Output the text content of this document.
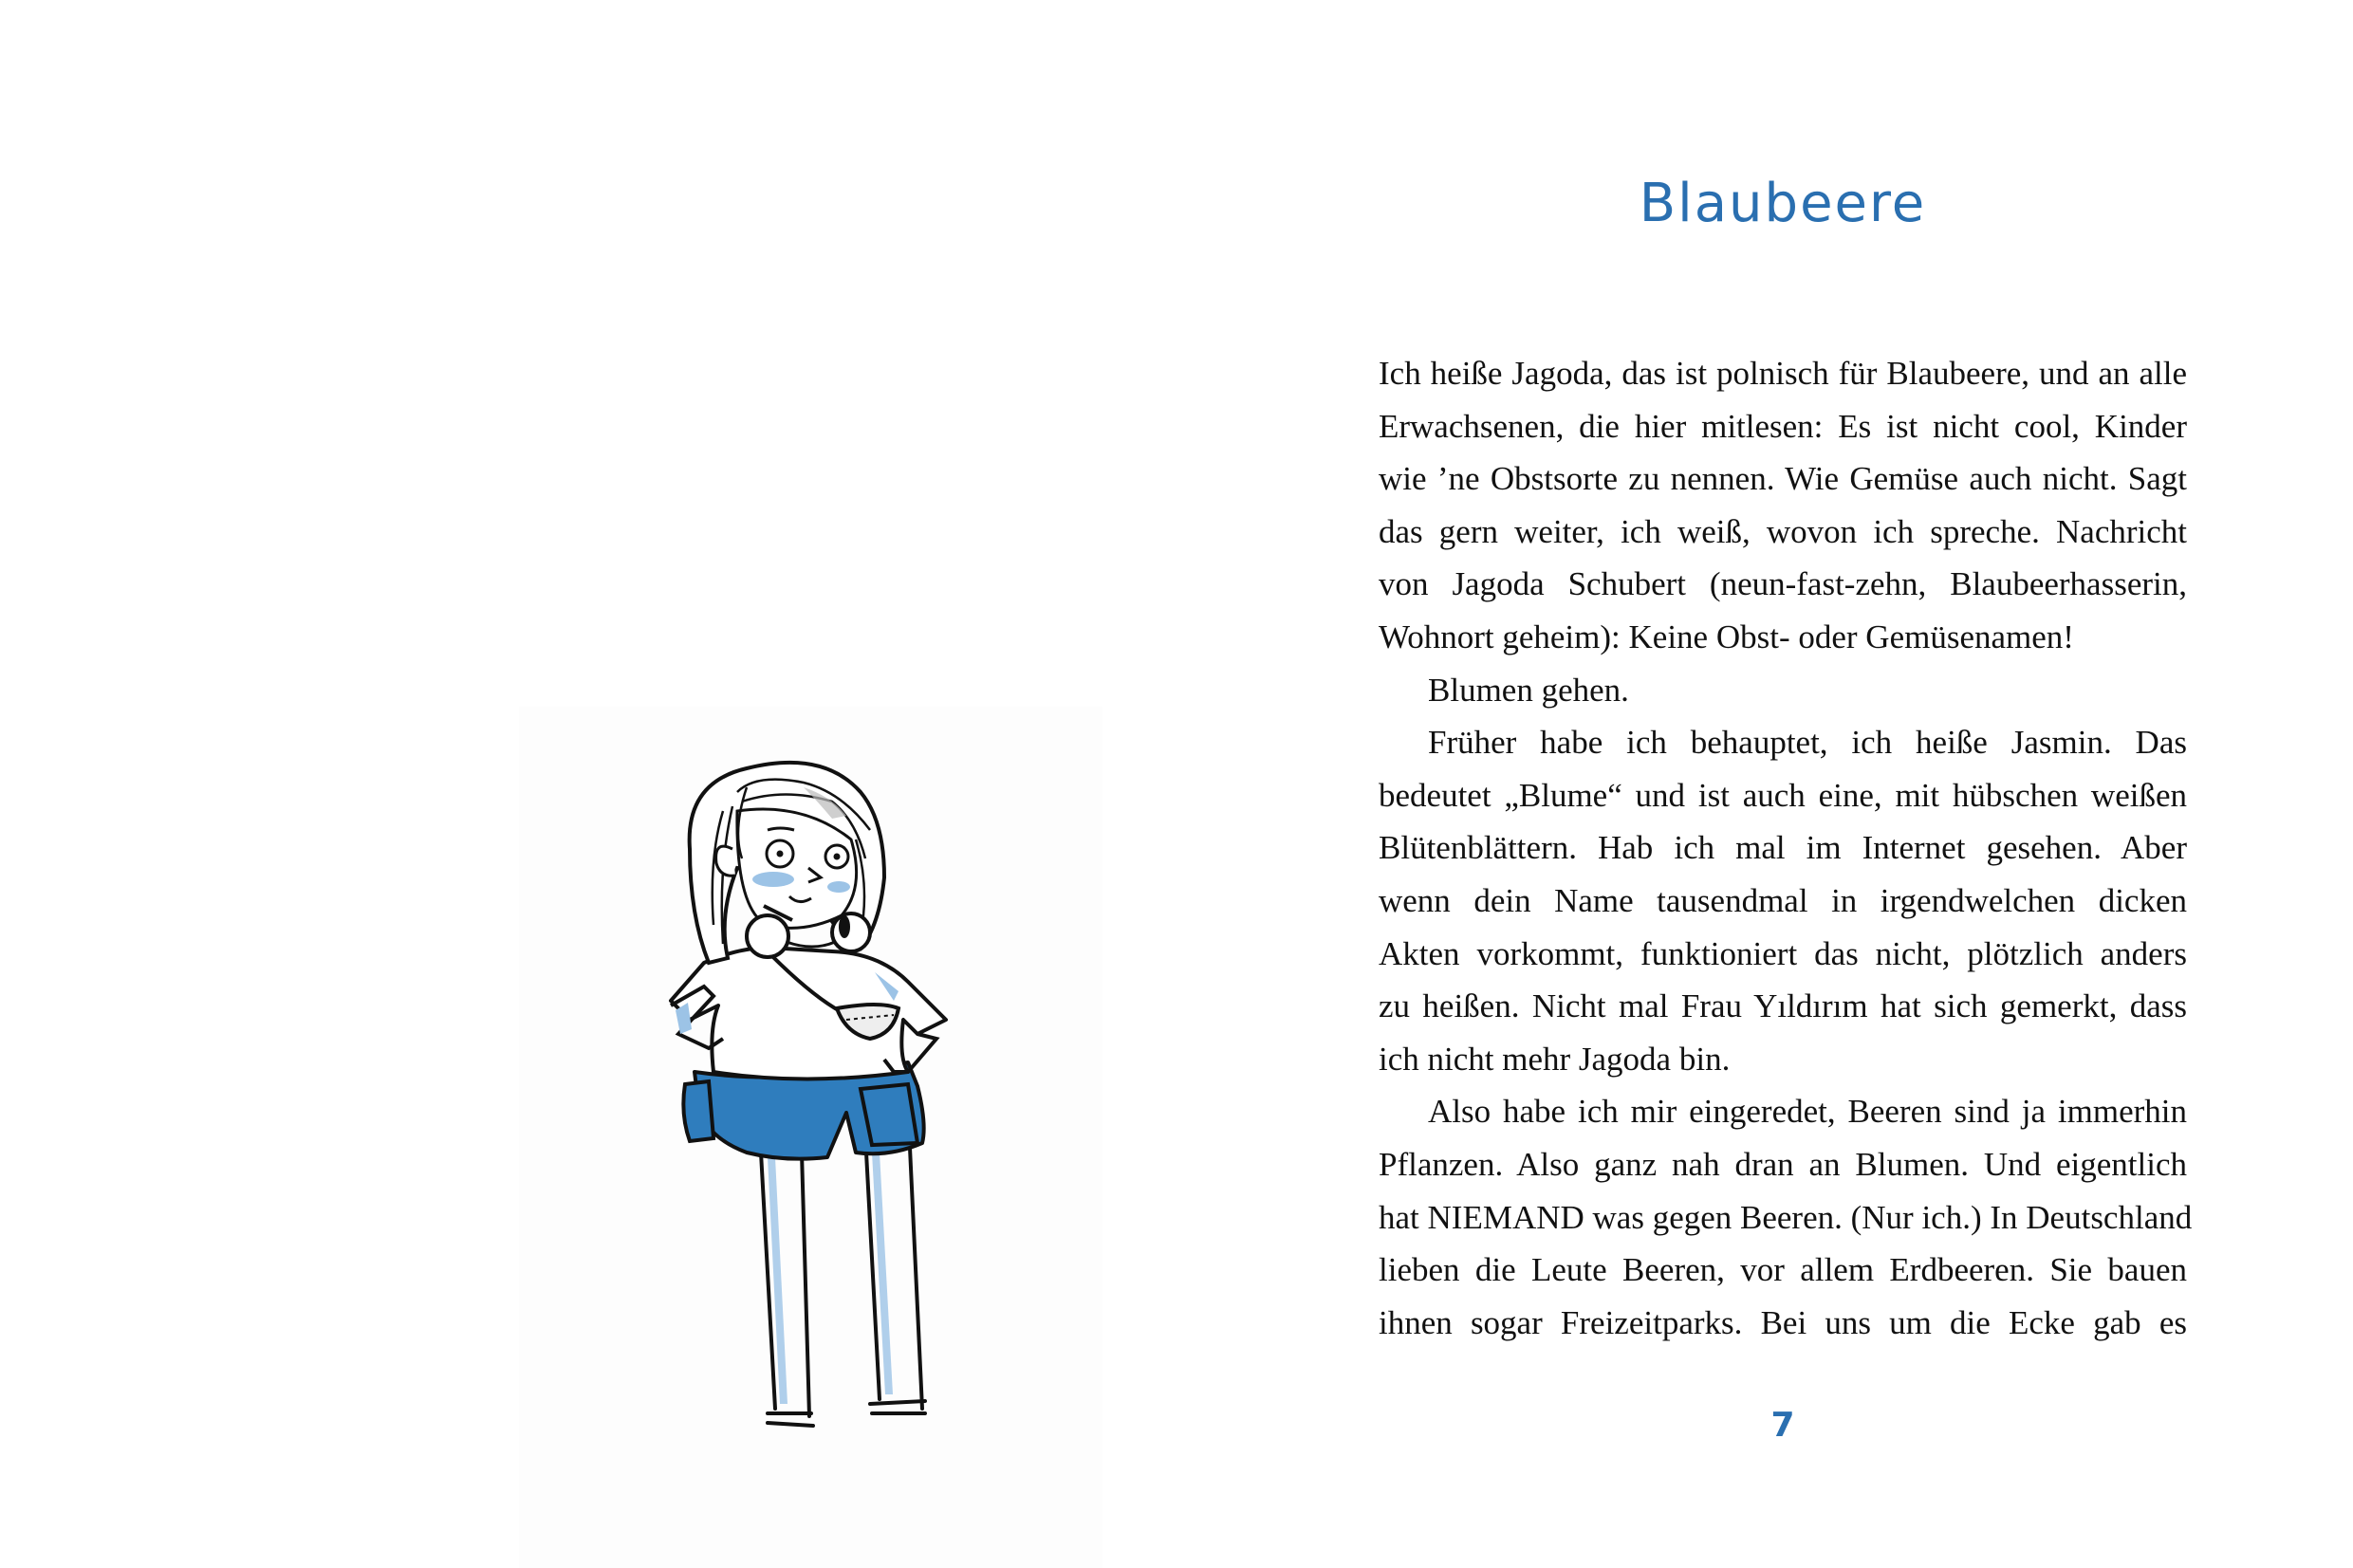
Blaubeere
Ich heiße Jagoda, das ist polnisch für Blaubeere, und an alle
Erwachsenen, die hier mitlesen: Es ist nicht cool, Kinder
wie ’ne Obstsorte zu nennen. Wie Gemüse auch nicht. Sagt
das gern weiter, ich weiß, wovon ich spreche. Nachricht
von Jagoda Schubert (neun-fast-zehn, Blaubeerhasserin,
Wohnort geheim): Keine Obst- oder Gemüsenamen!
Blumen gehen.
Früher habe ich behauptet, ich heiße Jasmin. Das
bedeutet „Blume“ und ist auch eine, mit hübschen weißen
Blütenblättern. Hab ich mal im Internet gesehen. Aber
wenn dein Name tausendmal in irgendwelchen dicken
Akten vorkommt, funktioniert das nicht, plötzlich anders
zu heißen. Nicht mal Frau Yıldırım hat sich gemerkt, dass
ich nicht mehr Jagoda bin.
Also habe ich mir eingeredet, Beeren sind ja immerhin
Pflanzen. Also ganz nah dran an Blumen. Und eigentlich
hat NIEMAND was gegen Beeren. (Nur ich.) In Deutschland
lieben die Leute Beeren, vor allem Erdbeeren. Sie bauen
ihnen sogar Freizeitparks. Bei uns um die Ecke gab es
7
